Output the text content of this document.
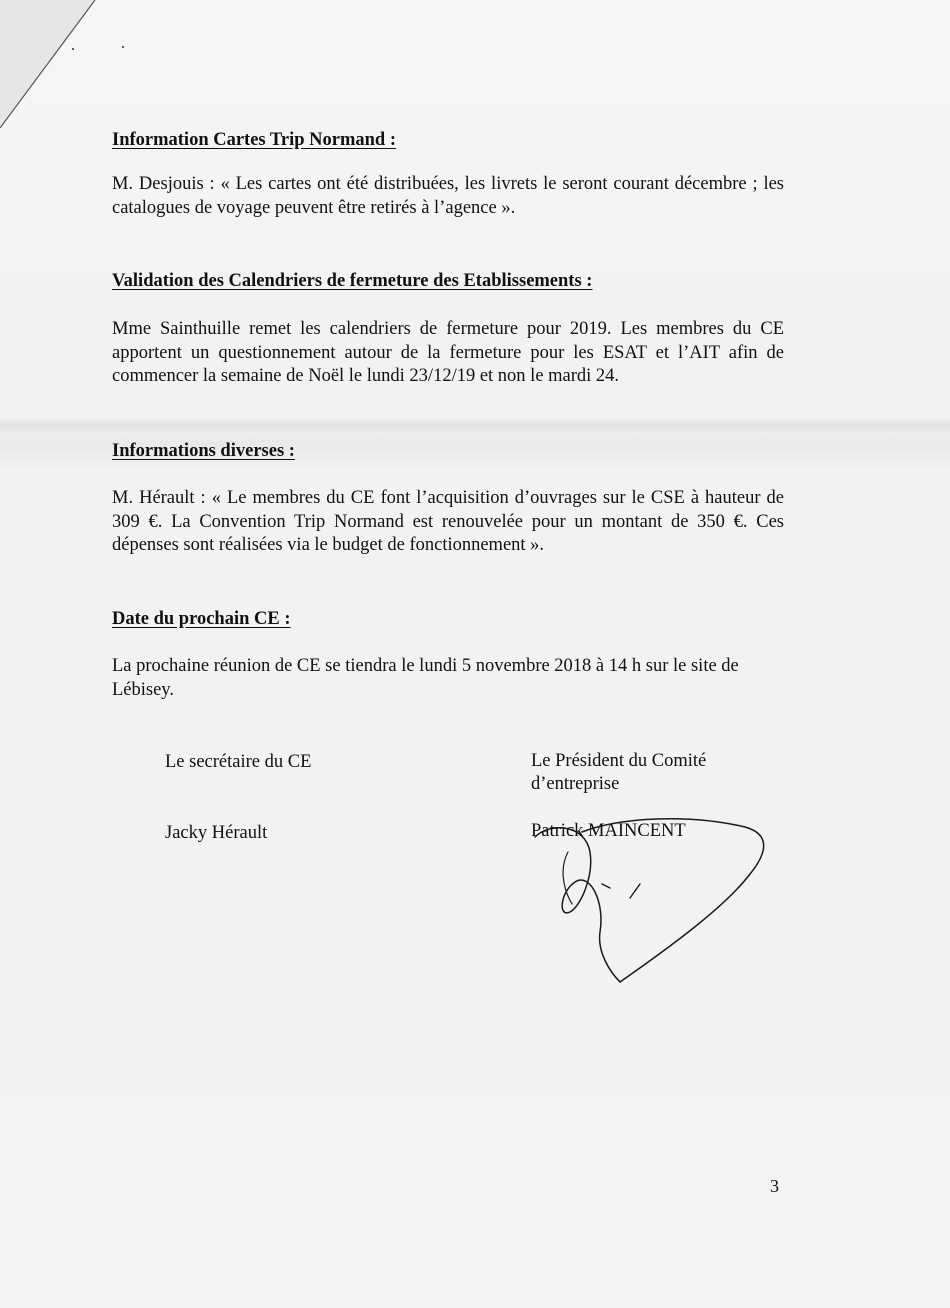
Information Cartes Trip Normand :

M. Desjouis : « Les cartes ont été distribuées, les livrets le seront courant décembre ; les catalogues de voyage peuvent être retirés à l’agence ».

Validation des Calendriers de fermeture des Etablissements :

Mme Sainthuille remet les calendriers de fermeture pour 2019. Les membres du CE apportent un questionnement autour de la fermeture pour les ESAT et l’AIT afin de commencer la semaine de Noël le lundi 23/12/19 et non le mardi 24.

Informations diverses :

M. Hérault : « Le membres du CE font l’acquisition d’ouvrages sur le CSE à hauteur de 309 €. La Convention Trip Normand est renouvelée pour un montant de 350 €. Ces dépenses sont réalisées via le budget de fonctionnement ».

Date du prochain CE :

La prochaine réunion de CE se tiendra le lundi 5 novembre 2018 à 14 h sur le site de Lébisey.

Le secrétaire du CE

Jacky Hérault

Le Président du Comité

d’entreprise

Patrick MAINCENT

3
